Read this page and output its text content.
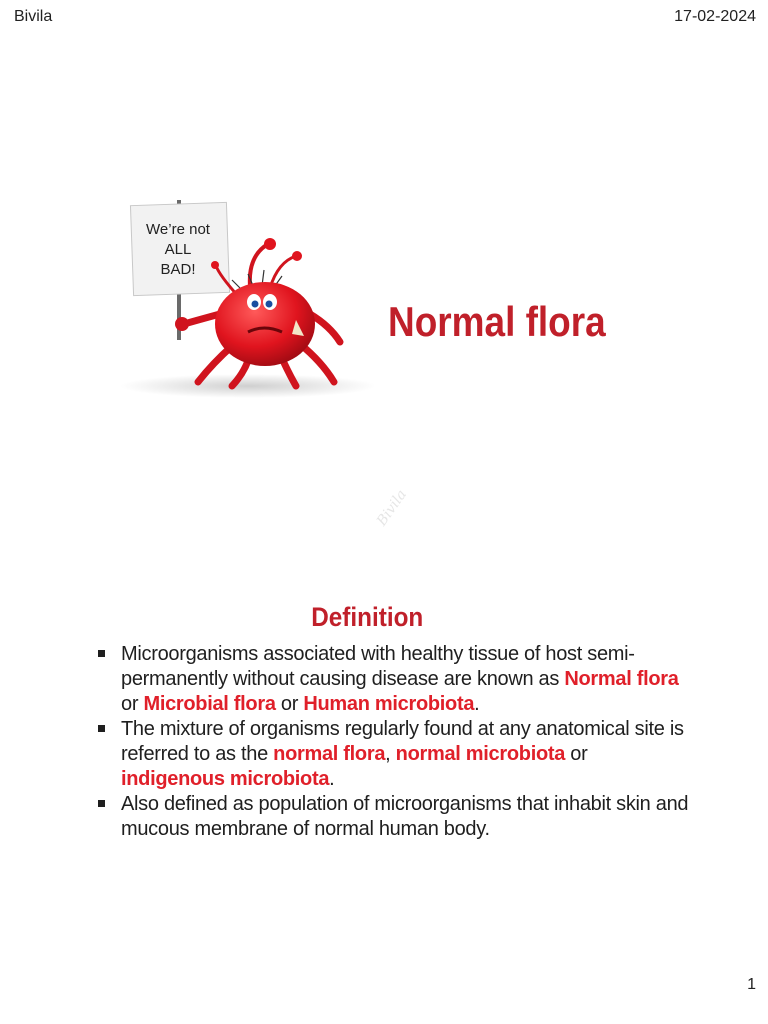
Bivila	17-02-2024
We’re not
ALL
BAD!
Normal flora
Bivila
Definition
Microorganisms associated with healthy tissue of host semi-permanently without causing disease are known as Normal flora or Microbial flora or Human microbiota.
The mixture of organisms regularly found at any anatomical site is referred to as the normal flora, normal microbiota or indigenous microbiota.
Also defined as population of microorganisms that inhabit skin and mucous membrane of normal human body.
1
